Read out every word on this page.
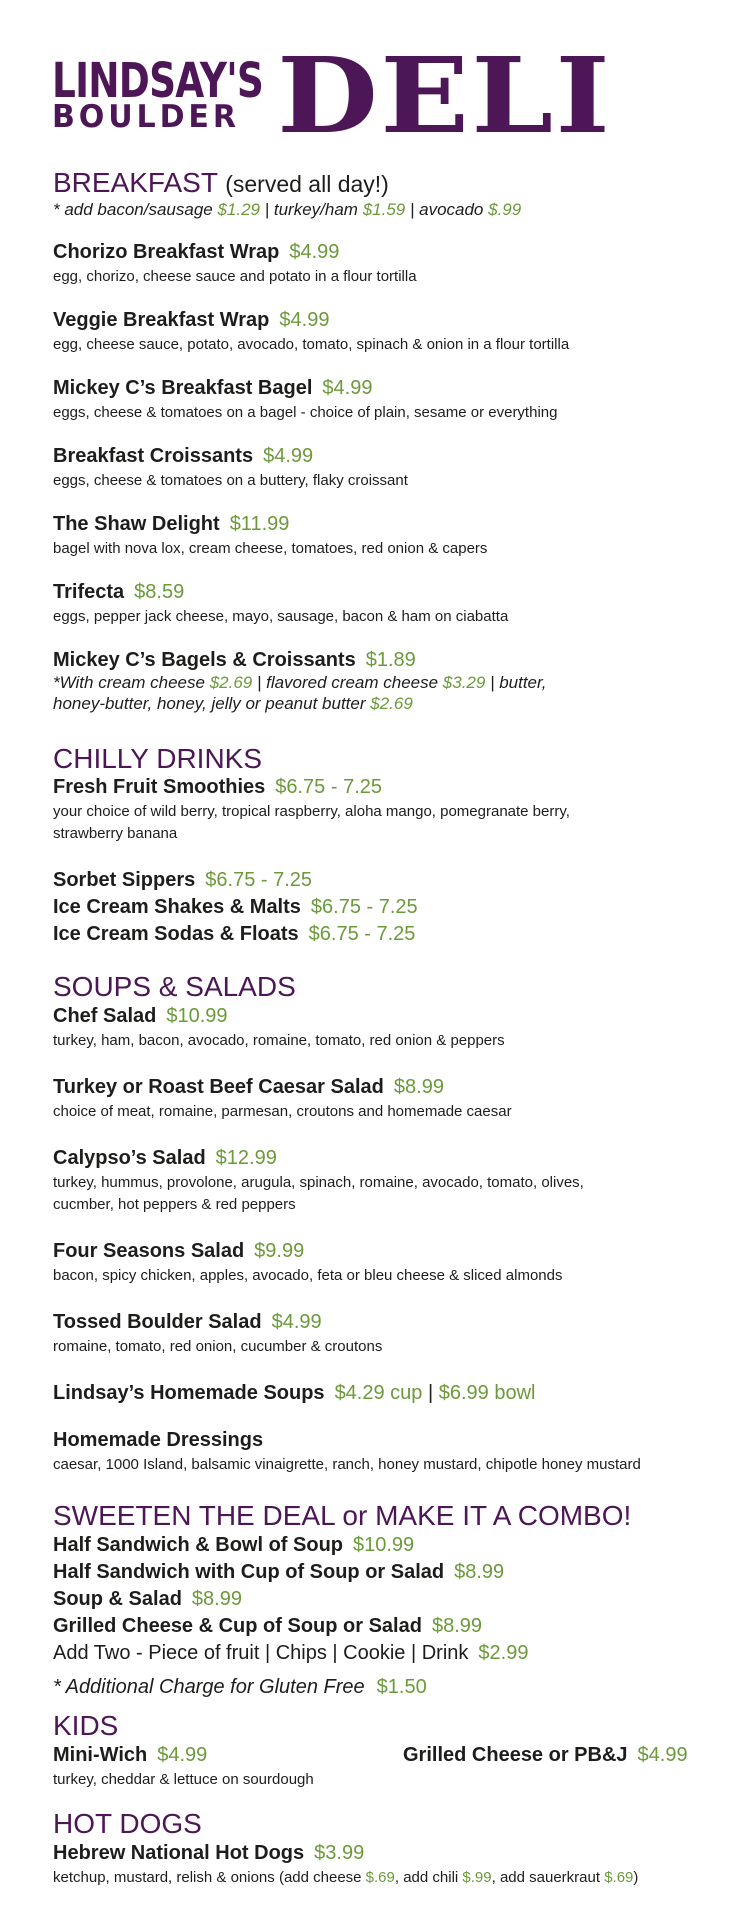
LINDSAY'S
BOULDER DELI
BREAKFAST (served all day!)
* add bacon/sausage $1.29 | turkey/ham $1.59 | avocado $.99
Chorizo Breakfast Wrap $4.99
egg, chorizo, cheese sauce and potato in a flour tortilla
Veggie Breakfast Wrap $4.99
egg, cheese sauce, potato, avocado, tomato, spinach & onion in a flour tortilla
Mickey C’s Breakfast Bagel $4.99
eggs, cheese & tomatoes on a bagel - choice of plain, sesame or everything
Breakfast Croissants $4.99
eggs, cheese & tomatoes on a buttery, flaky croissant
The Shaw Delight $11.99
bagel with nova lox, cream cheese, tomatoes, red onion & capers
Trifecta $8.59
eggs, pepper jack cheese, mayo, sausage, bacon & ham on ciabatta
Mickey C’s Bagels & Croissants $1.89
*With cream cheese $2.69 | flavored cream cheese $3.29 | butter,
honey-butter, honey, jelly or peanut butter $2.69
CHILLY DRINKS
Fresh Fruit Smoothies $6.75 - 7.25
your choice of wild berry, tropical raspberry, aloha mango, pomegranate berry,
strawberry banana
Sorbet Sippers $6.75 - 7.25
Ice Cream Shakes & Malts $6.75 - 7.25
Ice Cream Sodas & Floats $6.75 - 7.25
SOUPS & SALADS
Chef Salad $10.99
turkey, ham, bacon, avocado, romaine, tomato, red onion & peppers
Turkey or Roast Beef Caesar Salad $8.99
choice of meat, romaine, parmesan, croutons and homemade caesar
Calypso’s Salad $12.99
turkey, hummus, provolone, arugula, spinach, romaine, avocado, tomato, olives,
cucmber, hot peppers & red peppers
Four Seasons Salad $9.99
bacon, spicy chicken, apples, avocado, feta or bleu cheese & sliced almonds
Tossed Boulder Salad $4.99
romaine, tomato, red onion, cucumber & croutons
Lindsay’s Homemade Soups $4.29 cup | $6.99 bowl
Homemade Dressings
caesar, 1000 Island, balsamic vinaigrette, ranch, honey mustard, chipotle honey mustard
SWEETEN THE DEAL or MAKE IT A COMBO!
Half Sandwich & Bowl of Soup $10.99
Half Sandwich with Cup of Soup or Salad $8.99
Soup & Salad $8.99
Grilled Cheese & Cup of Soup or Salad $8.99
Add Two - Piece of fruit | Chips | Cookie | Drink $2.99
* Additional Charge for Gluten Free $1.50
KIDS
Mini-Wich $4.99
turkey, cheddar & lettuce on sourdough
Grilled Cheese or PB&J $4.99
HOT DOGS
Hebrew National Hot Dogs $3.99
ketchup, mustard, relish & onions (add cheese $.69, add chili $.99, add sauerkraut $.69)
